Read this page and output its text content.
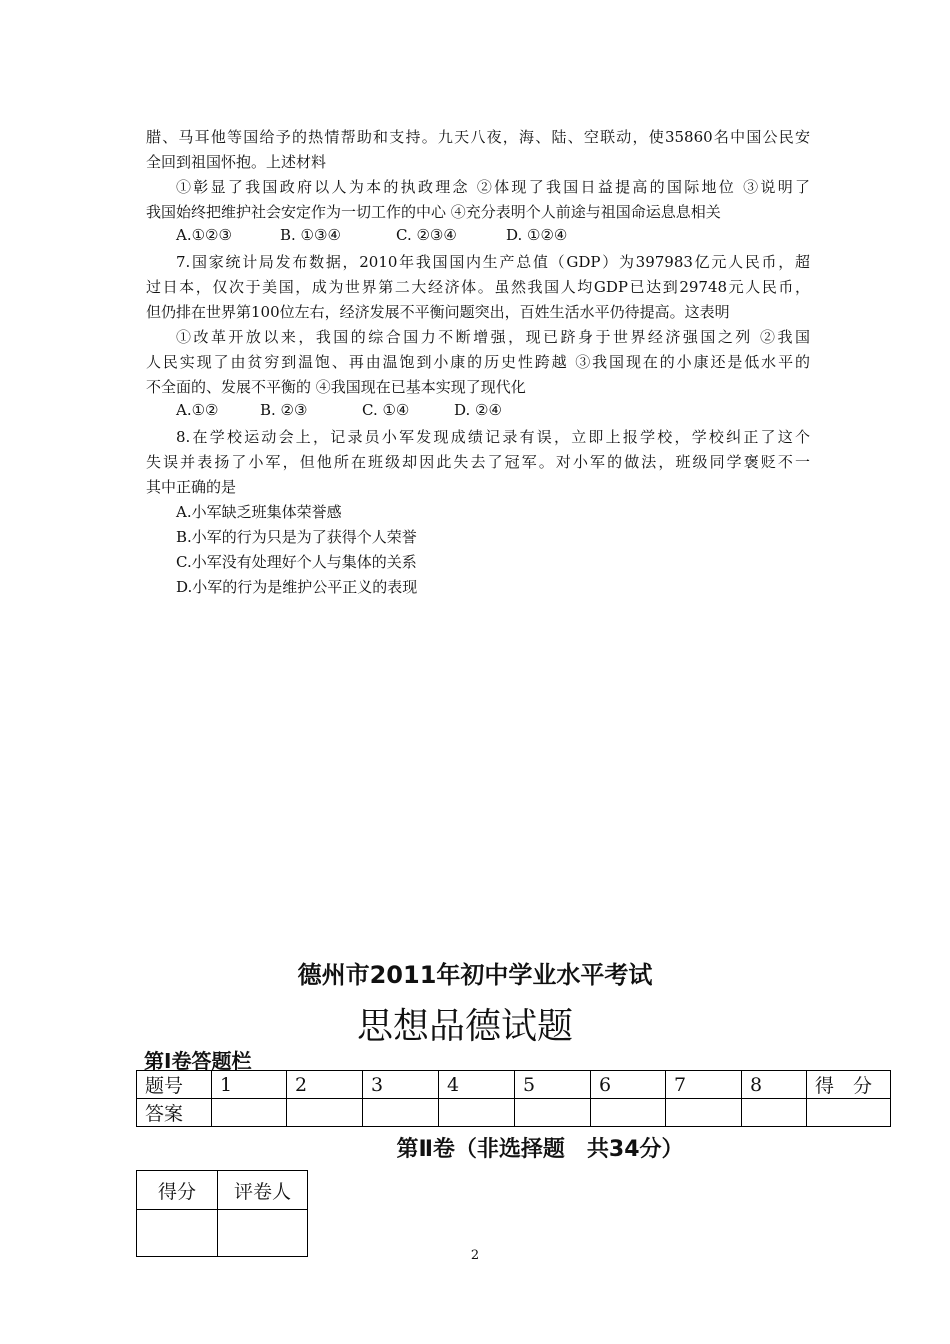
腊、马耳他等国给予的热情帮助和支持。九天八夜，海、陆、空联动，使35860名中国公民安
全回到祖国怀抱。上述材料
①彰显了我国政府以人为本的执政理念 ②体现了我国日益提高的国际地位 ③说明了
我国始终把维护社会安定作为一切工作的中心 ④充分表明个人前途与祖国命运息息相关
A.①②③	B. ①③④	C. ②③④	D. ①②④
7.国家统计局发布数据，2010年我国国内生产总值（GDP）为397983亿元人民币，超
过日本，仅次于美国，成为世界第二大经济体。虽然我国人均GDP已达到29748元人民币，
但仍排在世界第100位左右，经济发展不平衡问题突出，百姓生活水平仍待提高。这表明
①改革开放以来，我国的综合国力不断增强，现已跻身于世界经济强国之列 ②我国
人民实现了由贫穷到温饱、再由温饱到小康的历史性跨越 ③我国现在的小康还是低水平的
不全面的、发展不平衡的 ④我国现在已基本实现了现代化
A.①②	B. ②③	C. ①④	D. ②④
8.在学校运动会上，记录员小军发现成绩记录有误，立即上报学校，学校纠正了这个
失误并表扬了小军，但他所在班级却因此失去了冠军。对小军的做法，班级同学褒贬不一
其中正确的是
A.小军缺乏班集体荣誉感
B.小军的行为只是为了获得个人荣誉
C.小军没有处理好个人与集体的关系
D.小军的行为是维护公平正义的表现
德州市2011年初中学业水平考试
思想品德试题
第Ⅰ卷答题栏
题号	1	2	3	4	5	6	7	8	得　分
答案									
第Ⅱ卷（非选择题　共34分）
得分	评卷人

2
